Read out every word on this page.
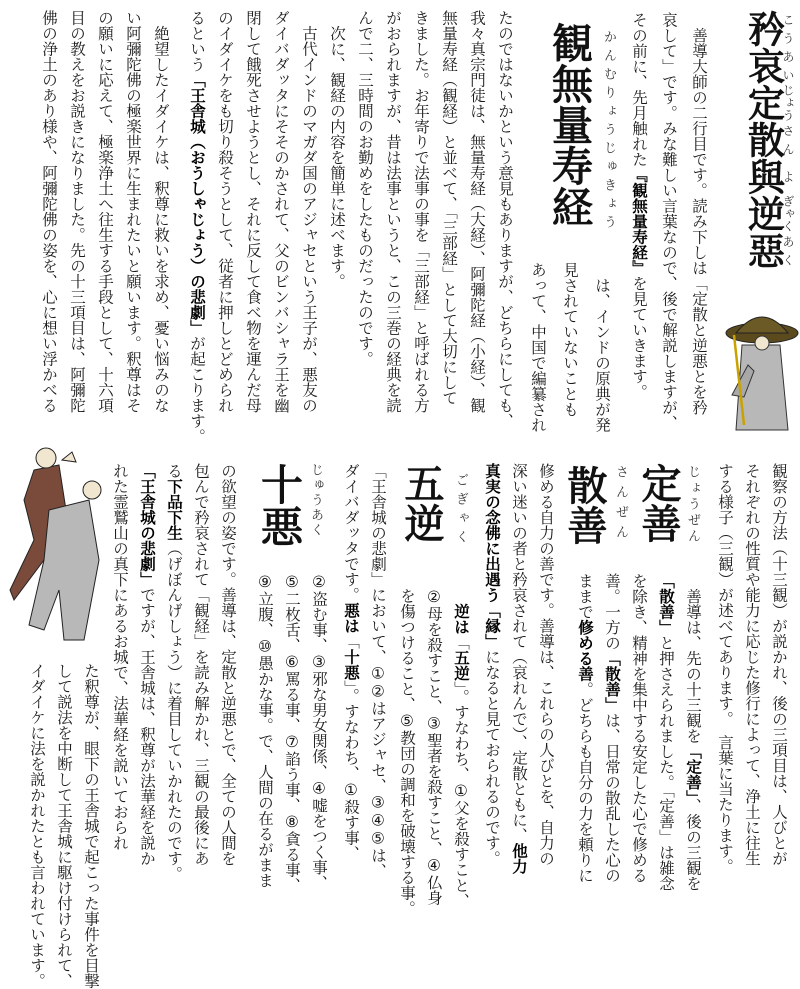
矜こう哀あい定じょう散さん與よ逆ぎゃく惡あく
　善導大師の二行目です。読み下しは「定散と逆悪とを矜
哀して」です。みな難しい言葉なので、後で解説しますが、
その前に、先月触れた『観無量寿経』を見ていきます。
観無量寿経 かんむりょうじゅきょう
　は、インドの原典が発
見されていないことも
あって、中国で編纂され
たのではないかという意見もありますが、どちらにしても、
我々真宗門徒は、無量寿経（大経）、阿彌陀経（小経）、観
無量寿経（観経）と並べて、「三部経」として大切にして
きました。お年寄りで法事の事を「三部経」と呼ばれる方
がおられますが、昔は法事というと、この三巻の経典を読
んで二、三時間のお勤めをしたものだったのです。
　次に、観経の内容を簡単に述べます。
　古代インドのマガダ国のアジャセという王子が、悪友の
ダイバダッタにそそのかされて、父のビンバシャラ王を幽
閉して餓死させようとし、それに反して食べ物を運んだ母
のイダイケをも切り殺そうとして、従者に押しとどめられ
るという「王舎城（おうしゃじょう）の悲劇」が起こります。
　絶望したイダイケは、釈尊に救いを求め、憂い悩みのな
い阿彌陀佛の極楽世界に生まれたいと願います。釈尊はそ
の願いに応えて、極楽浄土へ往生する手段として、十六項
目の教えをお説きになりました。先の十三項目は、阿彌陀
佛の浄土のあり様や、阿彌陀佛の姿を、心に想い浮かべる
観察の方法（十三観）が説かれ、後の三項目は、人びとが
それぞれの性質や能力に応じた修行によって、浄土に往生
する様子（三観）が述べてあります。　言葉に当たります。
じょうぜん
定善
さんぜん
散善
　善導は、先の十三観を「定善」、後の三観を
「散善」と押さえられました。「定善」は雑念
を除き、精神を集中する安定した心で修める
善。一方の「散善」は、日常の散乱した心の
ままで修める善。どちらも自分の力を頼りに
修める自力の善です。善導は、これらの人びとを、自力の
深い迷いの者と矜哀されて（哀れんで）、定散ともに、他力
真実の念佛に出遇う「縁」になると見ておられるのです。
ごぎゃく
五逆
　逆は「五逆」。すなわち、①父を殺すこと、
②母を殺すこと、③聖者を殺すこと、④仏身
を傷つけること、⑤教団の調和を破壊する事。
「王舎城の悲劇」において、①②はアジャセ、③④⑤は、
ダイバダッタです。悪は「十悪」。すなわち、①殺す事、
じゅうあく
十悪
②盗む事、③邪な男女関係、④嘘をつく事、
⑤二枚舌、⑥罵る事、⑦諂う事、⑧貪る事、
⑨立腹、⑩愚かな事。で、人間の在るがまま
の欲望の姿です。善導は、定散と逆悪とで、全ての人間を
包んで矜哀されて「観経」を読み解かれ、三観の最後にあ
る下品下生（げぼんげしょう）に着目していかれたのです。
「王舎城の悲劇」ですが、王舎城は、釈尊が法華経を説か
れた霊鷲山の真下にあるお城で、法華経を説いておられ
た釈尊が、眼下の王舎城で起こった事件を目撃
して説法を中断して王舎城に駆け付けられて、
イダイケに法を説かれたとも言われています。
